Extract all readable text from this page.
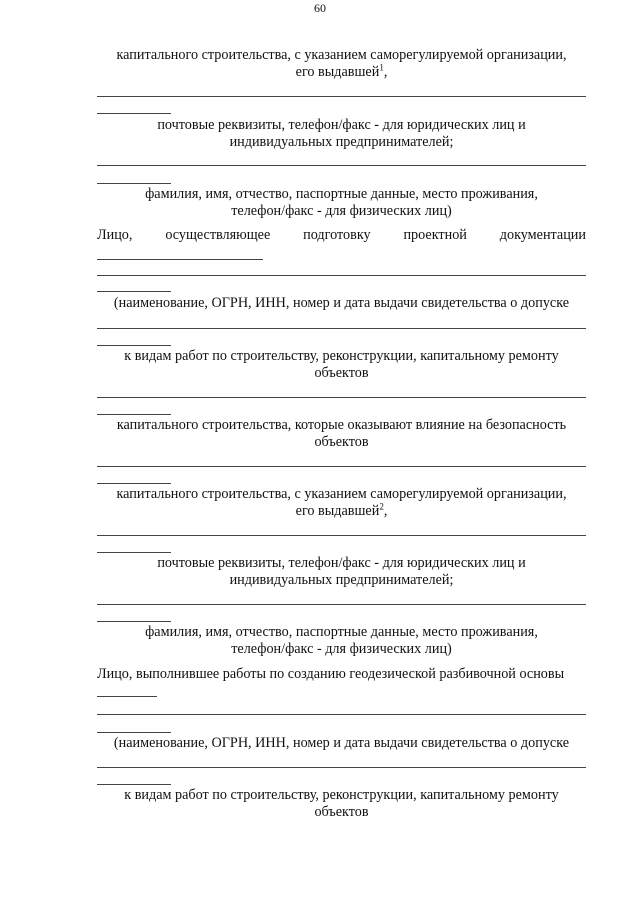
60
капитального строительства, с указанием саморегулируемой организации,
его выдавшей$^1$,
почтовые реквизиты, телефон/факс - для юридических лиц и
индивидуальных предпринимателей;
фамилия, имя, отчество, паспортные данные, место проживания,
телефон/факс - для физических лиц)
Лицо, осуществляющее подготовку проектной документации
(наименование, ОГРН, ИНН, номер и дата выдачи свидетельства о допуске
к видам работ по строительству, реконструкции, капитальному ремонту
объектов
капитального строительства, которые оказывают влияние на безопасность
объектов
капитального строительства, с указанием саморегулируемой организации,
его выдавшей$^2$,
почтовые реквизиты, телефон/факс - для юридических лиц и
индивидуальных предпринимателей;
фамилия, имя, отчество, паспортные данные, место проживания,
телефон/факс - для физических лиц)
Лицо, выполнившее работы по созданию геодезической разбивочной основы
(наименование, ОГРН, ИНН, номер и дата выдачи свидетельства о допуске
к видам работ по строительству, реконструкции, капитальному ремонту
объектов
